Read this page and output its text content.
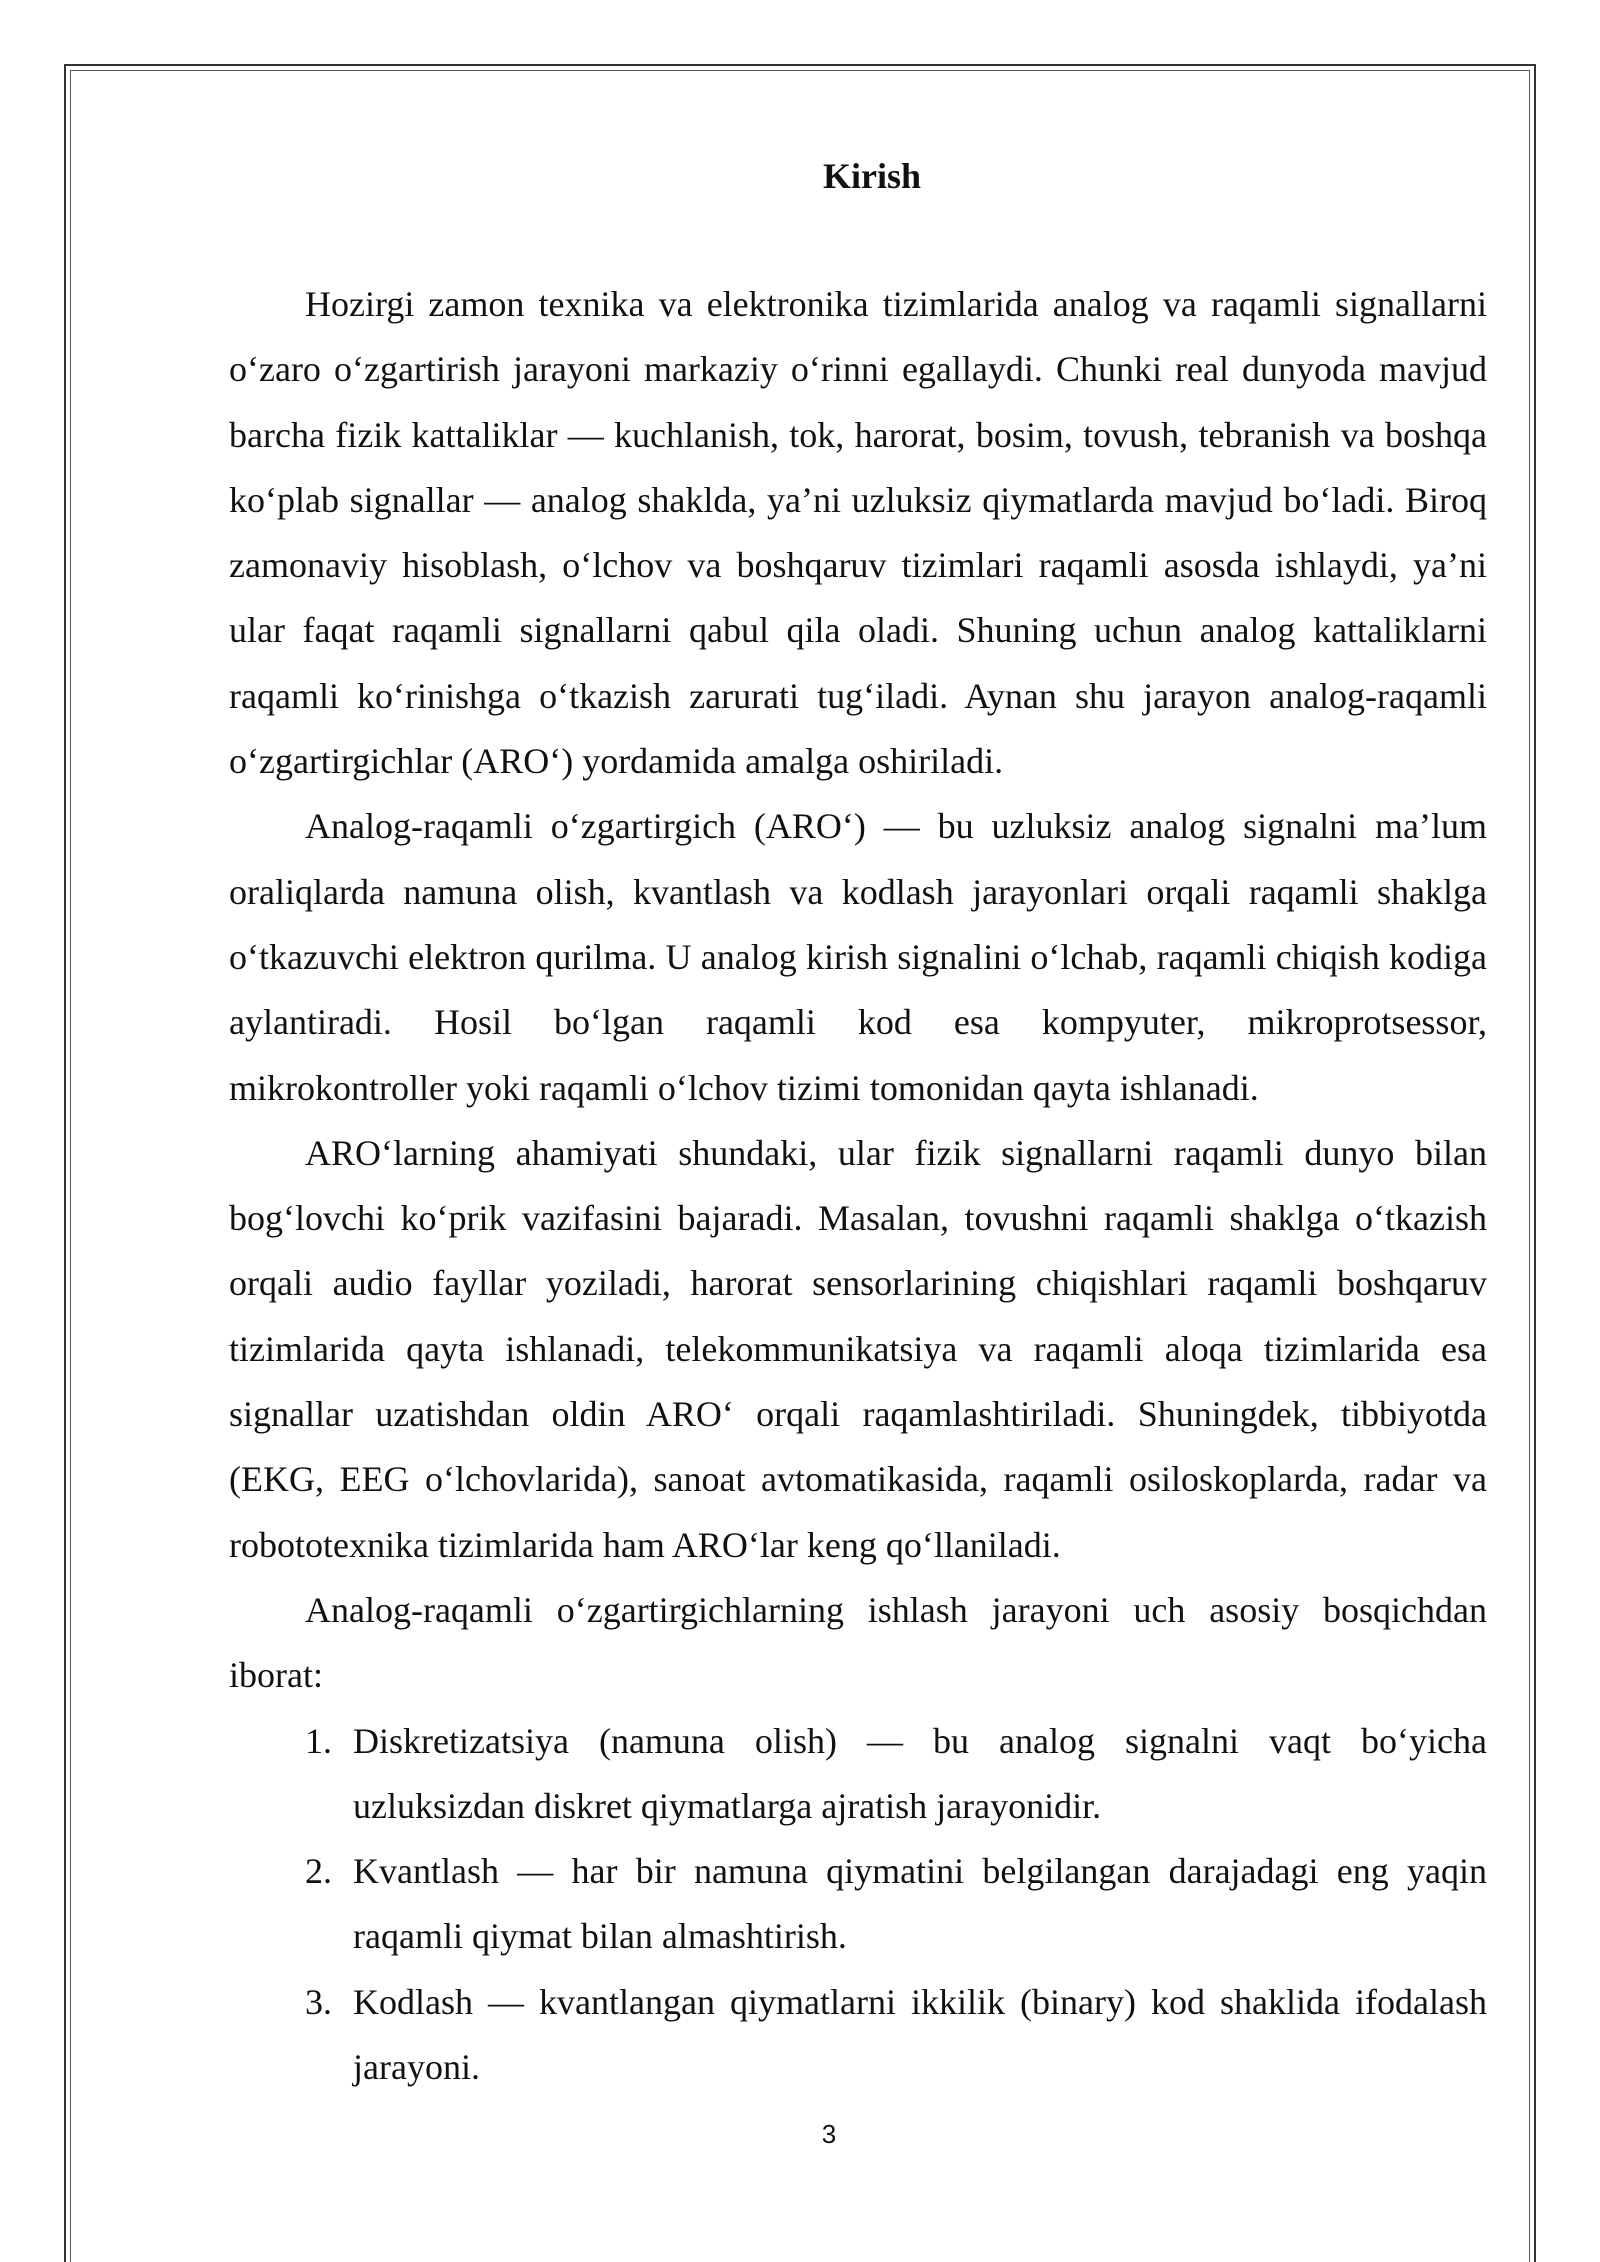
Kirish

Hozirgi zamon texnika va elektronika tizimlarida analog va raqamli signallarni o‘zaro o‘zgartirish jarayoni markaziy o‘rinni egallaydi. Chunki real dunyoda mavjud barcha fizik kattaliklar — kuchlanish, tok, harorat, bosim, tovush, tebranish va boshqa ko‘plab signallar — analog shaklda, ya’ni uzluksiz qiymatlarda mavjud bo‘ladi. Biroq zamonaviy hisoblash, o‘lchov va boshqaruv tizimlari raqamli asosda ishlaydi, ya’ni ular faqat raqamli signallarni qabul qila oladi. Shuning uchun analog kattaliklarni raqamli ko‘rinishga o‘tkazish zarurati tug‘iladi. Aynan shu jarayon analog-raqamli o‘zgartirgichlar (ARO‘) yordamida amalga oshiriladi.

Analog-raqamli o‘zgartirgich (ARO‘) — bu uzluksiz analog signalni ma’lum oraliqlarda namuna olish, kvantlash va kodlash jarayonlari orqali raqamli shaklga o‘tkazuvchi elektron qurilma. U analog kirish signalini o‘lchab, raqamli chiqish kodiga aylantiradi. Hosil bo‘lgan raqamli kod esa kompyuter, mikroprotsessor, mikrokontroller yoki raqamli o‘lchov tizimi tomonidan qayta ishlanadi.

ARO‘larning ahamiyati shundaki, ular fizik signallarni raqamli dunyo bilan bog‘lovchi ko‘prik vazifasini bajaradi. Masalan, tovushni raqamli shaklga o‘tkazish orqali audio fayllar yoziladi, harorat sensorlarining chiqishlari raqamli boshqaruv tizimlarida qayta ishlanadi, telekommunikatsiya va raqamli aloqa tizimlarida esa signallar uzatishdan oldin ARO‘ orqali raqamlashtiriladi. Shuningdek, tibbiyotda (EKG, EEG o‘lchovlarida), sanoat avtomatikasida, raqamli osiloskoplarda, radar va robototexnika tizimlarida ham ARO‘lar keng qo‘llaniladi.

Analog-raqamli o‘zgartirgichlarning ishlash jarayoni uch asosiy bosqichdan iborat:

1. Diskretizatsiya (namuna olish) — bu analog signalni vaqt bo‘yicha uzluksizdan diskret qiymatlarga ajratish jarayonidir.
2. Kvantlash — har bir namuna qiymatini belgilangan darajadagi eng yaqin raqamli qiymat bilan almashtirish.
3. Kodlash — kvantlangan qiymatlarni ikkilik (binary) kod shaklida ifodalash jarayoni.
3
